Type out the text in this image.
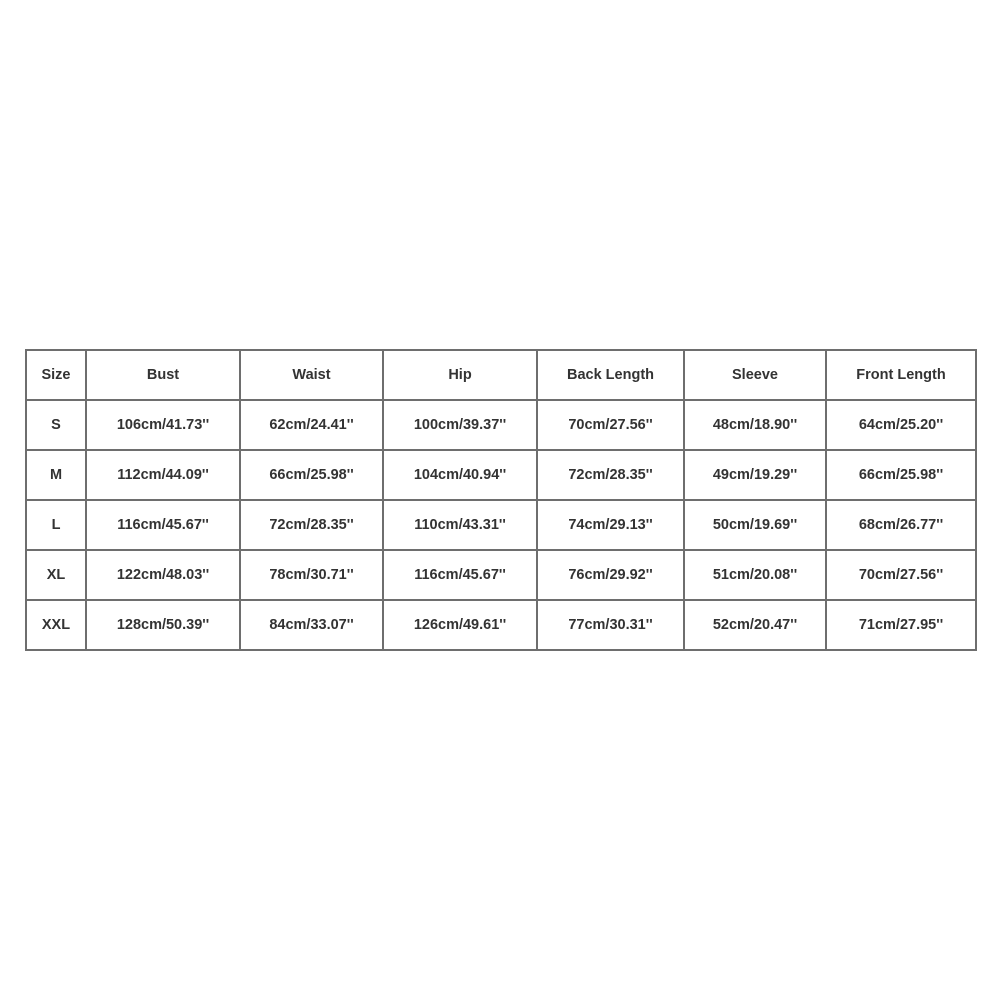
Size	Bust	Waist	Hip	Back Length	Sleeve	Front Length
S	106cm/41.73''	62cm/24.41''	100cm/39.37''	70cm/27.56''	48cm/18.90''	64cm/25.20''
M	112cm/44.09''	66cm/25.98''	104cm/40.94''	72cm/28.35''	49cm/19.29''	66cm/25.98''
L	116cm/45.67''	72cm/28.35''	110cm/43.31''	74cm/29.13''	50cm/19.69''	68cm/26.77''
XL	122cm/48.03''	78cm/30.71''	116cm/45.67''	76cm/29.92''	51cm/20.08''	70cm/27.56''
XXL	128cm/50.39''	84cm/33.07''	126cm/49.61''	77cm/30.31''	52cm/20.47''	71cm/27.95''
